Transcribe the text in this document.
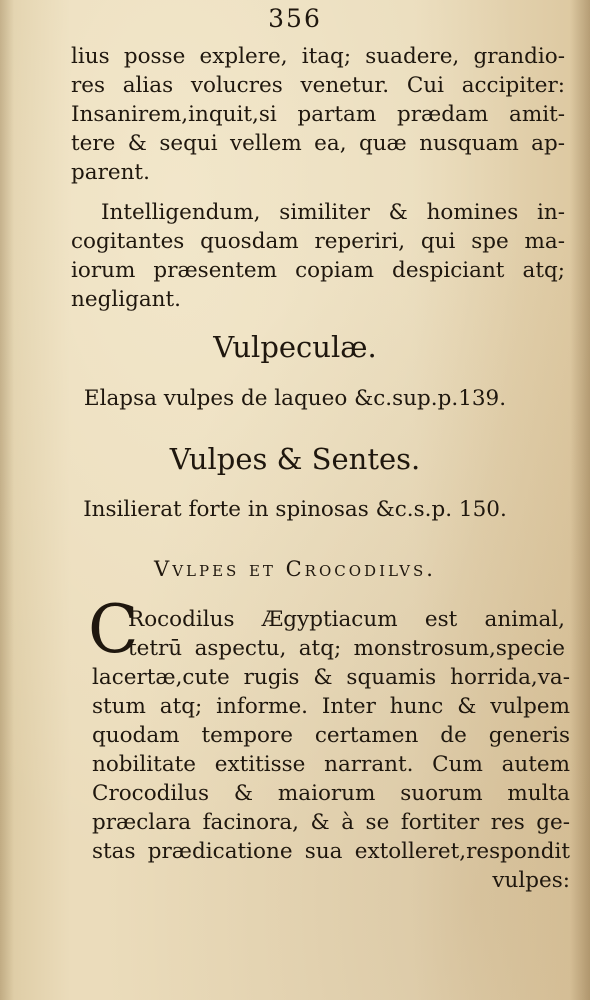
356
lius posse explere, itaq; suadere, grandio-
res alias volucres venetur. Cui accipiter:
Insanirem,inquit,si partam prædam amit-
tere & sequi vellem ea, quæ nusquam ap-
parent.
Intelligendum, similiter & homines in-
cogitantes quosdam reperiri, qui spe ma-
iorum præsentem copiam despiciant atq;
negligant.
Vulpeculæ.
Elapsa vulpes de laqueo &c.sup.p.139.
Vulpes & Sentes.
Insilierat forte in spinosas &c.s.p. 150.
Vvlpes et Crocodilvs.
C
Rocodilus Ægyptiacum est animal,
tetrū aspectu, atq; monstrosum,specie
lacertæ,cute rugis & squamis horrida,va-
stum atq; informe. Inter hunc & vulpem
quodam tempore certamen de generis
nobilitate extitisse narrant. Cum autem
Crocodilus & maiorum suorum multa
præclara facinora, & à se fortiter res ge-
stas prædicatione sua extolleret,respondit
vulpes:
